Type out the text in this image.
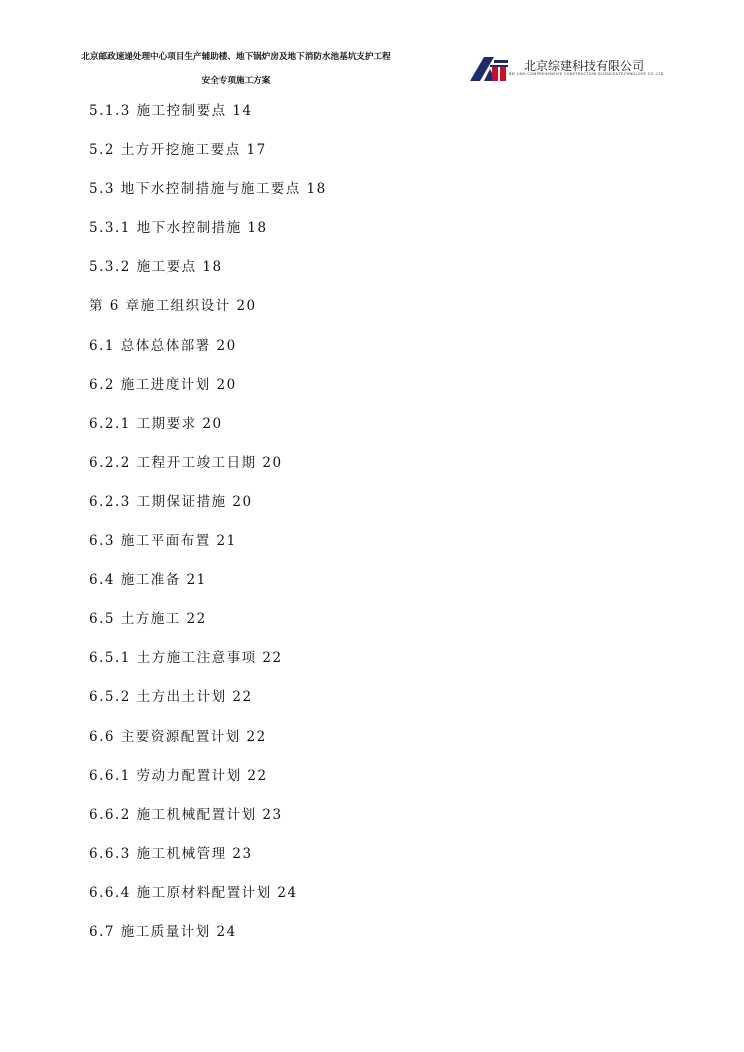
北京邮政速递处理中心项目生产辅助楼、地下锅炉房及地下消防水池基坑支护工程
安全专项施工方案
北京综建科技有限公司
BEI JING COMPREHENSIVE CONSTRUCTION SCIENCE&TECHNOLOGY CO.,LTD
5.1.3 施工控制要点 14
5.2 土方开挖施工要点 17
5.3 地下水控制措施与施工要点 18
5.3.1 地下水控制措施 18
5.3.2 施工要点 18
第 6 章施工组织设计 20
6.1 总体总体部署 20
6.2 施工进度计划 20
6.2.1 工期要求 20
6.2.2 工程开工竣工日期 20
6.2.3 工期保证措施 20
6.3 施工平面布置 21
6.4 施工准备 21
6.5 土方施工 22
6.5.1 土方施工注意事项 22
6.5.2 土方出土计划 22
6.6 主要资源配置计划 22
6.6.1 劳动力配置计划 22
6.6.2 施工机械配置计划 23
6.6.3 施工机械管理 23
6.6.4 施工原材料配置计划 24
6.7 施工质量计划 24
